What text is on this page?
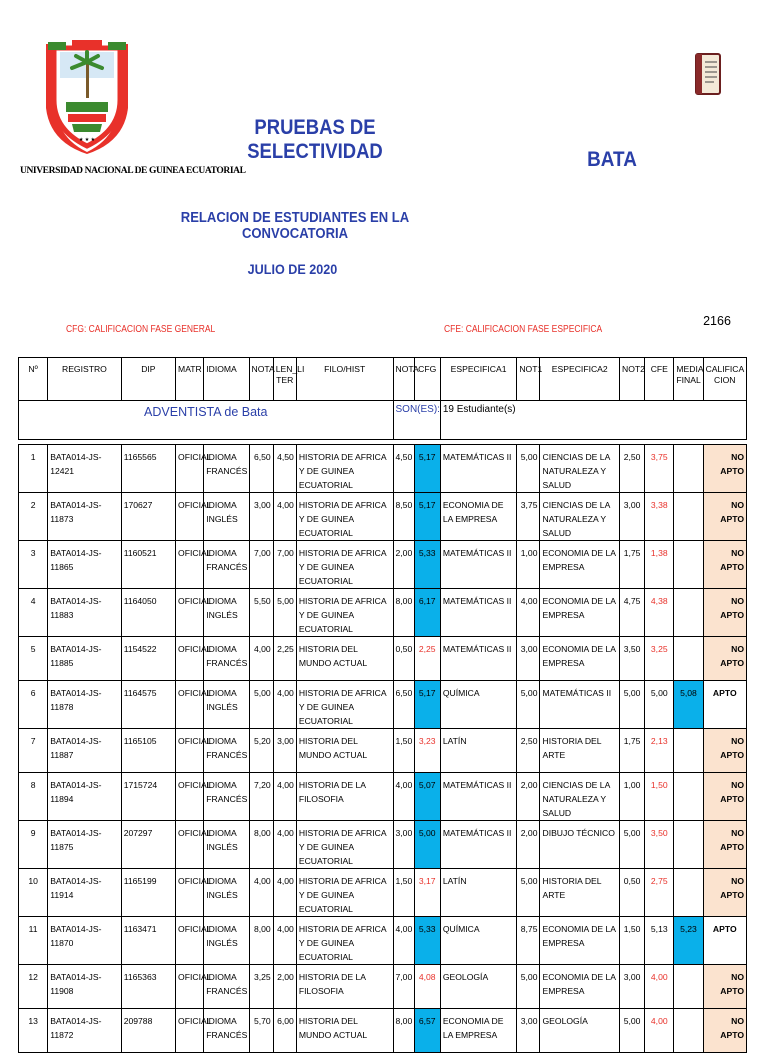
★ ★ ★
UNIVERSIDAD NACIONAL DE GUINEA ECUATORIAL
PRUEBAS DE SELECTIVIDAD	BATA
RELACION DE ESTUDIANTES EN LA CONVOCATORIA
JULIO DE 2020
CFG: CALIFICACION FASE GENERAL	CFE: CALIFICACION FASE ESPECIFICA
2166
Nº	REGISTRO	DIP	MATR	IDIOMA	NOTA	LEN_LI
TER	FILO/HIST	NOTA	CFG	ESPECIFICA1	NOT1	ESPECIFICA2	NOT2	CFE	MEDIA
FINAL	CALIFICA
CION
ADVENTISTA de Bata								SON(ES):		19 Estudiante(s)						

1	BATA014-JS-12421	1165565	OFICIAL	IDIOMA FRANCÉS	6,50	4,50	HISTORIA DE AFRICA Y DE GUINEA ECUATORIAL	4,50	5,17	MATEMÁTICAS II	5,00	CIENCIAS DE LA NATURALEZA Y SALUD	2,50	3,75		NO APTO
2	BATA014-JS-11873	170627	OFICIAL	IDIOMA INGLÉS	3,00	4,00	HISTORIA DE AFRICA Y DE GUINEA ECUATORIAL	8,50	5,17	ECONOMIA DE LA EMPRESA	3,75	CIENCIAS DE LA NATURALEZA Y SALUD	3,00	3,38		NO APTO
3	BATA014-JS-11865	1160521	OFICIAL	IDIOMA FRANCÉS	7,00	7,00	HISTORIA DE AFRICA Y DE GUINEA ECUATORIAL	2,00	5,33	MATEMÁTICAS II	1,00	ECONOMIA DE LA EMPRESA	1,75	1,38		NO APTO
4	BATA014-JS-11883	1164050	OFICIAL	IDIOMA INGLÉS	5,50	5,00	HISTORIA DE AFRICA Y DE GUINEA ECUATORIAL	8,00	6,17	MATEMÁTICAS II	4,00	ECONOMIA DE LA EMPRESA	4,75	4,38		NO APTO
5	BATA014-JS-11885	1154522	OFICIAL	IDIOMA FRANCÉS	4,00	2,25	HISTORIA DEL MUNDO ACTUAL	0,50	2,25	MATEMÁTICAS II	3,00	ECONOMIA DE LA EMPRESA	3,50	3,25		NO APTO
6	BATA014-JS-11878	1164575	OFICIAL	IDIOMA INGLÉS	5,00	4,00	HISTORIA DE AFRICA Y DE GUINEA ECUATORIAL	6,50	5,17	QUÍMICA	5,00	MATEMÁTICAS II	5,00	5,00	5,08	APTO
7	BATA014-JS-11887	1165105	OFICIAL	IDIOMA FRANCÉS	5,20	3,00	HISTORIA DEL MUNDO ACTUAL	1,50	3,23	LATÍN	2,50	HISTORIA DEL ARTE	1,75	2,13		NO APTO
8	BATA014-JS-11894	1715724	OFICIAL	IDIOMA FRANCÉS	7,20	4,00	HISTORIA DE LA FILOSOFIA	4,00	5,07	MATEMÁTICAS II	2,00	CIENCIAS DE LA NATURALEZA Y SALUD	1,00	1,50		NO APTO
9	BATA014-JS-11875	207297	OFICIAL	IDIOMA INGLÉS	8,00	4,00	HISTORIA DE AFRICA Y DE GUINEA ECUATORIAL	3,00	5,00	MATEMÁTICAS II	2,00	DIBUJO TÉCNICO	5,00	3,50		NO APTO
10	BATA014-JS-11914	1165199	OFICIAL	IDIOMA INGLÉS	4,00	4,00	HISTORIA DE AFRICA Y DE GUINEA ECUATORIAL	1,50	3,17	LATÍN	5,00	HISTORIA DEL ARTE	0,50	2,75		NO APTO
11	BATA014-JS-11870	1163471	OFICIAL	IDIOMA INGLÉS	8,00	4,00	HISTORIA DE AFRICA Y DE GUINEA ECUATORIAL	4,00	5,33	QUÍMICA	8,75	ECONOMIA DE LA EMPRESA	1,50	5,13	5,23	APTO
12	BATA014-JS-11908	1165363	OFICIAL	IDIOMA FRANCÉS	3,25	2,00	HISTORIA DE LA FILOSOFIA	7,00	4,08	GEOLOGÍA	5,00	ECONOMIA DE LA EMPRESA	3,00	4,00		NO APTO
13	BATA014-JS-11872	209788	OFICIAL	IDIOMA FRANCÉS	5,70	6,00	HISTORIA DEL MUNDO ACTUAL	8,00	6,57	ECONOMIA DE LA EMPRESA	3,00	GEOLOGÍA	5,00	4,00		NO APTO
